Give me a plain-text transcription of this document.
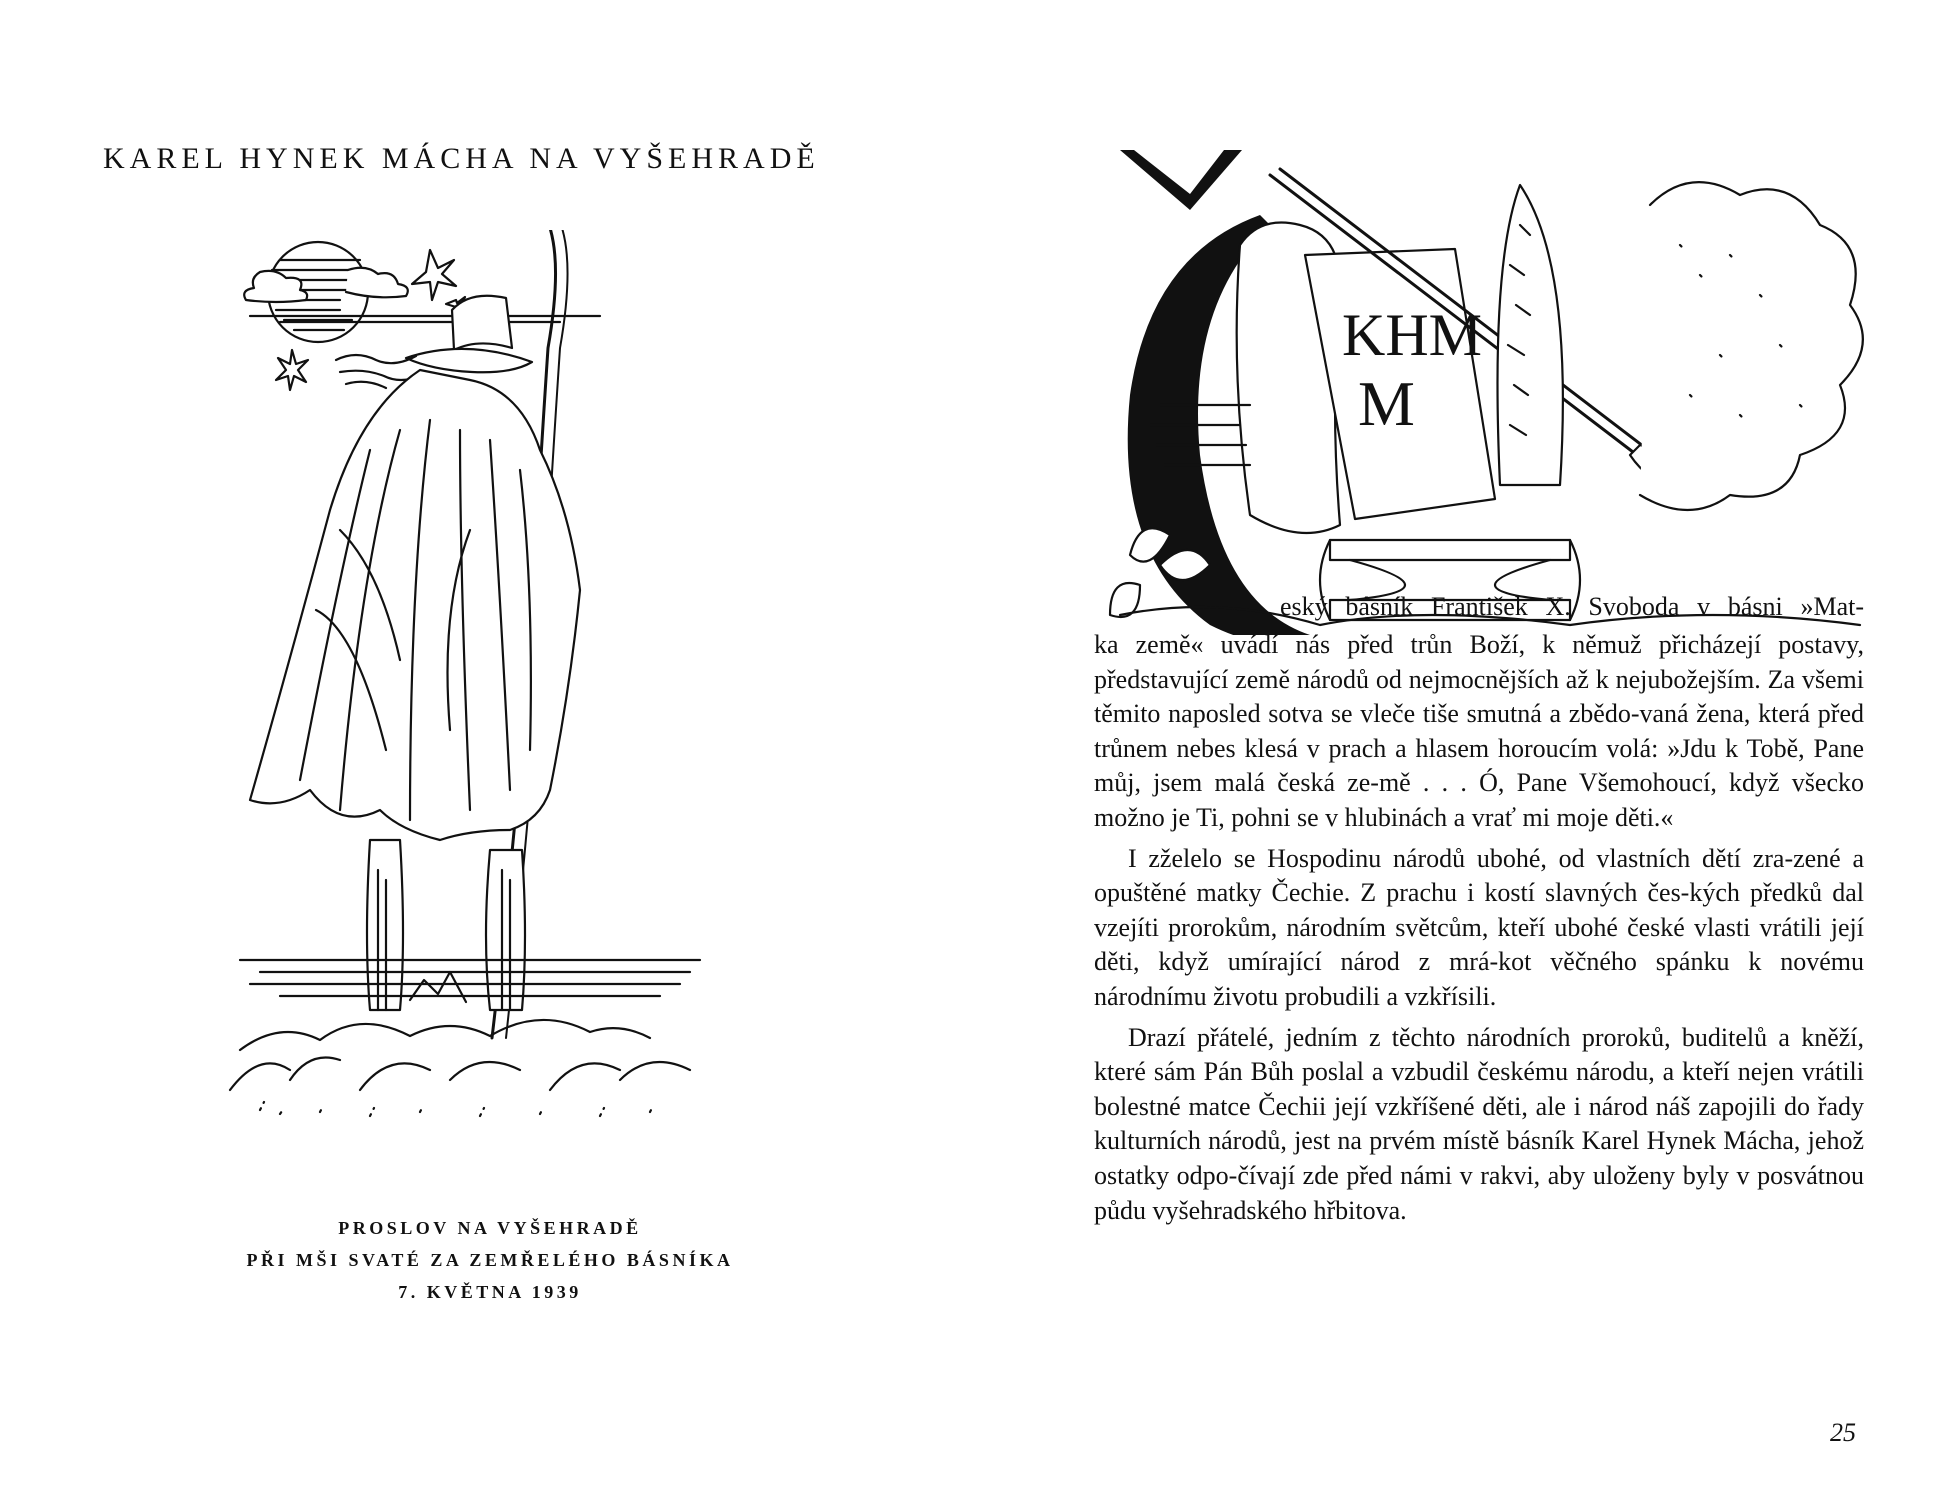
KAREL HYNEK MÁCHA NA VYŠEHRADĚ
PROSLOV NA VYŠEHRADĚ
PŘI MŠI SVATÉ ZA ZEMŘELÉHO BÁSNÍKA
7. KVĚTNA 1939
KHM
M
eský básník František X. Svoboda v básni »Mat-

ka země« uvádí nás před trůn Boží, k němuž přicházejí postavy, představující země národů od nejmocnějších až k nejubožejším. Za všemi těmito naposled sotva se vleče tiše smutná a zbědo-vaná žena, která před trůnem nebes klesá v prach a hlasem horoucím volá: »Jdu k Tobě, Pane můj, jsem malá česká ze-mě . . . Ó, Pane Všemohoucí, když všecko možno je Ti, pohni se v hlubinách a vrať mi moje děti.«

I zželelo se Hospodinu národů ubohé, od vlastních dětí zra-zené a opuštěné matky Čechie. Z prachu i kostí slavných čes-kých předků dal vzejíti prorokům, národním světcům, kteří ubohé české vlasti vrátili její děti, když umírající národ z mrá-kot věčného spánku k novému národnímu životu probudili a vzkřísili.

Drazí přátelé, jedním z těchto národních proroků, buditelů a kněží, které sám Pán Bůh poslal a vzbudil českému národu, a kteří nejen vrátili bolestné matce Čechii její vzkříšené děti, ale i národ náš zapojili do řady kulturních národů, jest na prvém místě básník Karel Hynek Mácha, jehož ostatky odpo-čívají zde před námi v rakvi, aby uloženy byly v posvátnou půdu vyšehradského hřbitova.

25
